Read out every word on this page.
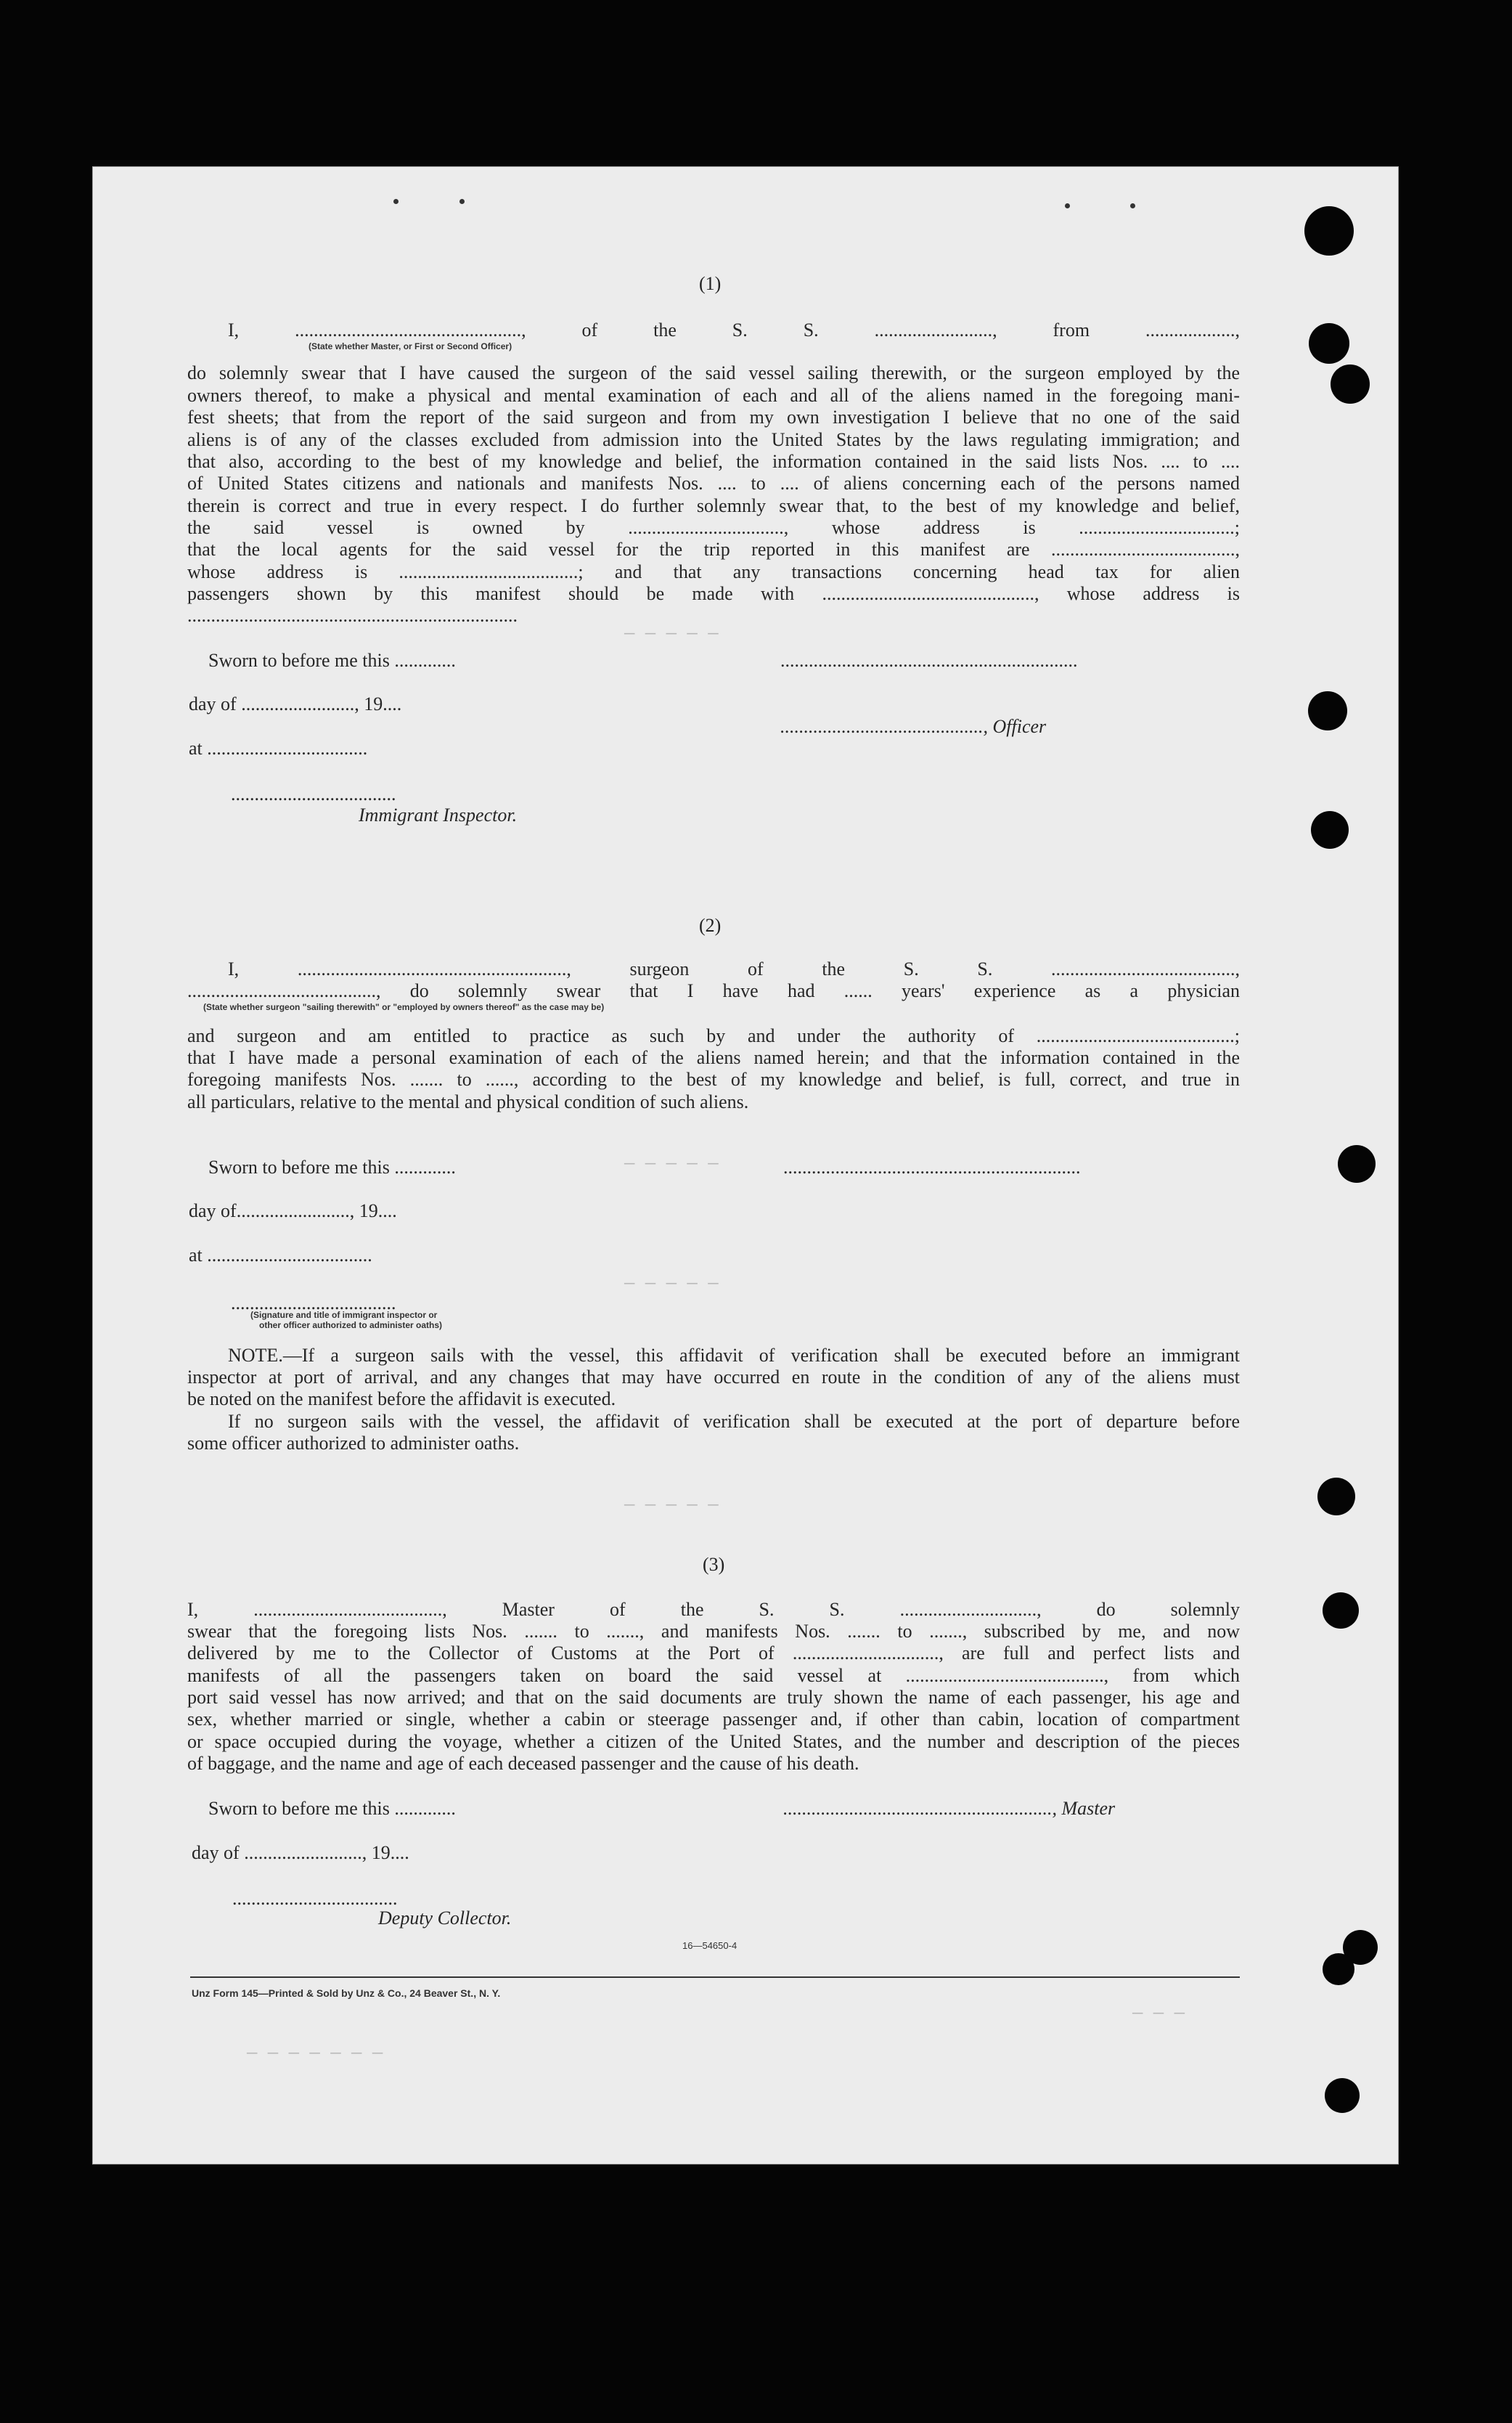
— — — — —
— — — — —
— — — — —
— — — — —
— — — — — — —
— — —
(1)
I, ................................................, of the S. S. ........................., from ...................,
(State whether Master, or First or Second Officer)
do solemnly swear that I have caused the surgeon of the said vessel sailing therewith, or the surgeon employed by the
owners thereof, to make a physical and mental examination of each and all of the aliens named in the foregoing mani-
fest sheets; that from the report of the said surgeon and from my own investigation I believe that no one of the said
aliens is of any of the classes excluded from admission into the United States by the laws regulating immigration; and
that also, according to the best of my knowledge and belief, the information contained in the said lists Nos. .... to ....
of United States citizens and nationals and manifests Nos. .... to .... of aliens concerning each of the persons named
therein is correct and true in every respect. I do further solemnly swear that, to the best of my knowledge and belief,
the said vessel is owned by ................................., whose address is .................................;
that the local agents for the said vessel for the trip reported in this manifest are .......................................,
whose address is ......................................; and that any transactions concerning head tax for alien
passengers shown by this manifest should be made with ............................................., whose address is
......................................................................
Sworn to before me this .............	...............................................................
day of ........................, 19....
..........................................., Officer
at ..................................
...................................
Immigrant Inspector.
(2)
I, ........................................................., surgeon of the S. S. .......................................,
........................................, do solemnly swear that I have had ...... years' experience as a physician
(State whether surgeon "sailing therewith" or "employed by owners thereof" as the case may be)
and surgeon and am entitled to practice as such by and under the authority of ..........................................;
that I have made a personal examination of each of the aliens named herein; and that the information contained in the
foregoing manifests Nos. ....... to ......, according to the best of my knowledge and belief, is full, correct, and true in
all particulars, relative to the mental and physical condition of such aliens.
Sworn to before me this .............	...............................................................
day of........................, 19....
at ...................................
...................................
(Signature and title of immigrant inspector or
other officer authorized to administer oaths)
NOTE.—If a surgeon sails with the vessel, this affidavit of verification shall be executed before an immigrant
inspector at port of arrival, and any changes that may have occurred en route in the condition of any of the aliens must
be noted on the manifest before the affidavit is executed.
If no surgeon sails with the vessel, the affidavit of verification shall be executed at the port of departure before
some officer authorized to administer oaths.
(3)
I, ........................................, Master of the S. S. ............................., do solemnly
swear that the foregoing lists Nos. ....... to ......., and manifests Nos. ....... to ......., subscribed by me, and now
delivered by me to the Collector of Customs at the Port of ..............................., are full and perfect lists and
manifests of all the passengers taken on board the said vessel at .........................................., from which
port said vessel has now arrived; and that on the said documents are truly shown the name of each passenger, his age and
sex, whether married or single, whether a cabin or steerage passenger and, if other than cabin, location of compartment
or space occupied during the voyage, whether a citizen of the United States, and the number and description of the pieces
of baggage, and the name and age of each deceased passenger and the cause of his death.
Sworn to before me this .............	........................................................., Master
day of ........................., 19....
...................................
Deputy Collector.
16—54650-4
Unz Form 145—Printed & Sold by Unz & Co., 24 Beaver St., N. Y.
